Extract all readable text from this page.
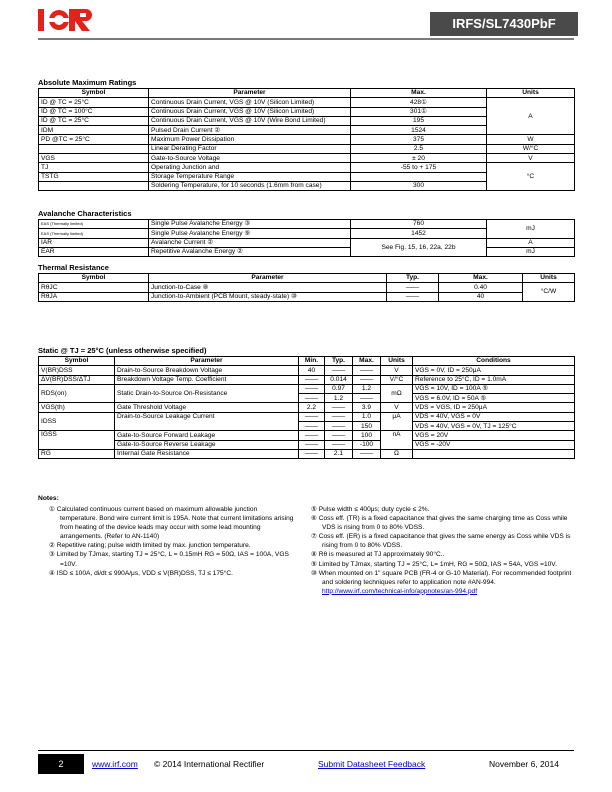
IRFS/SL7430PbF
Absolute Maximum Ratings
Symbol	Parameter	Max.	Units
ID @ TC = 25°C	Continuous Drain Current, VGS @ 10V (Silicon Limited)	428①	A
ID @ TC = 100°C	Continuous Drain Current, VGS @ 10V (Silicon Limited)	301①	
ID @ TC = 25°C	Continuous Drain Current, VGS @ 10V (Wire Bond Limited)	195	
IDM	Pulsed Drain Current ②	1524	
PD @TC = 25°C	Maximum Power Dissipation	375	W
	Linear Derating Factor	2.5	W/°C
VGS	Gate-to-Source Voltage	± 20	V
TJ	Operating Junction and	-55 to + 175	°C
TSTG	Storage Temperature Range		
	Soldering Temperature, for 10 seconds (1.6mm from case)	300	
Avalanche Characteristics
EAS (Thermally limited)	Single Pulse Avalanche Energy ③	760	mJ
EAS (Thermally limited)	Single Pulse Avalanche Energy ⑨	1452	
IAR	Avalanche Current ②	See Fig. 15, 16, 22a, 22b	A
EAR	Repetitive Avalanche Energy ②		mJ
Thermal Resistance
Symbol	Parameter	Typ.	Max.	Units
RθJC	Junction-to-Case ⑧	——	0.40	°C/W
RθJA	Junction-to-Ambient (PCB Mount, steady-state) ⑩	——	40	
Static @ TJ = 25°C (unless otherwise specified)
Symbol	Parameter	Min.	Typ.	Max.	Units	Conditions
V(BR)DSS	Drain-to-Source Breakdown Voltage	40	——	——	V	VGS = 0V, ID = 250μA
ΔV(BR)DSS/ΔTJ	Breakdown Voltage Temp. Coefficient	——	0.014	——	V/°C	Reference to 25°C, ID = 1.0mA
RDS(on)	Static Drain-to-Source On-Resistance	——	0.97	1.2	mΩ	VGS = 10V, ID = 100A ⑤
		——	1.2	——		VGS = 6.0V, ID = 50A ⑤
VGS(th)	Gate Threshold Voltage	2.2	——	3.9	V	VDS = VGS, ID = 250μA
IDSS	Drain-to-Source Leakage Current	——	——	1.0	μA	VDS = 40V, VGS = 0V
		——	——	150		VDS = 40V, VGS = 0V, TJ = 125°C
IGSS	Gate-to-Source Forward Leakage	——	——	100	nA	VGS = 20V
	Gate-to-Source Reverse Leakage	——	——	-100		VGS = -20V
RG	Internal Gate Resistance	——	2.1	——	Ω	
Notes:

① Calculated continuous current based on maximum allowable junction temperature. Bond wire current limit is 195A. Note that current limitations arising from heating of the device leads may occur with some lead mounting arrangements. (Refer to AN-1140)

② Repetitive rating; pulse width limited by max. junction temperature.

③ Limited by TJmax, starting TJ = 25°C, L = 0.15mH RG = 50Ω, IAS = 100A, VGS =10V.

④ ISD ≤ 100A, di/dt ≤ 990A/μs, VDD ≤ V(BR)DSS, TJ ≤ 175°C.

⑤ Pulse width ≤ 400μs; duty cycle ≤ 2%.

⑥ Coss eff. (TR) is a fixed capacitance that gives the same charging time as Coss while VDS is rising from 0 to 80% VDSS.

⑦ Coss eff. (ER) is a fixed capacitance that gives the same energy as Coss while VDS is rising from 0 to 80% VDSS.

⑧ Rθ is measured at TJ approximately 90°C..

⑨ Limited by TJmax, starting TJ = 25°C, L= 1mH, RG = 50Ω, IAS = 54A, VGS =10V.

⑩ When mounted on 1" square PCB (FR-4 or G-10 Material). For recommended footprint and soldering techniques refer to application note #AN-994.

http://www.irf.com/technical-info/appnotes/an-994.pdf

2	www.irf.com © 2014 International Rectifier	Submit Datasheet Feedback	November 6, 2014
